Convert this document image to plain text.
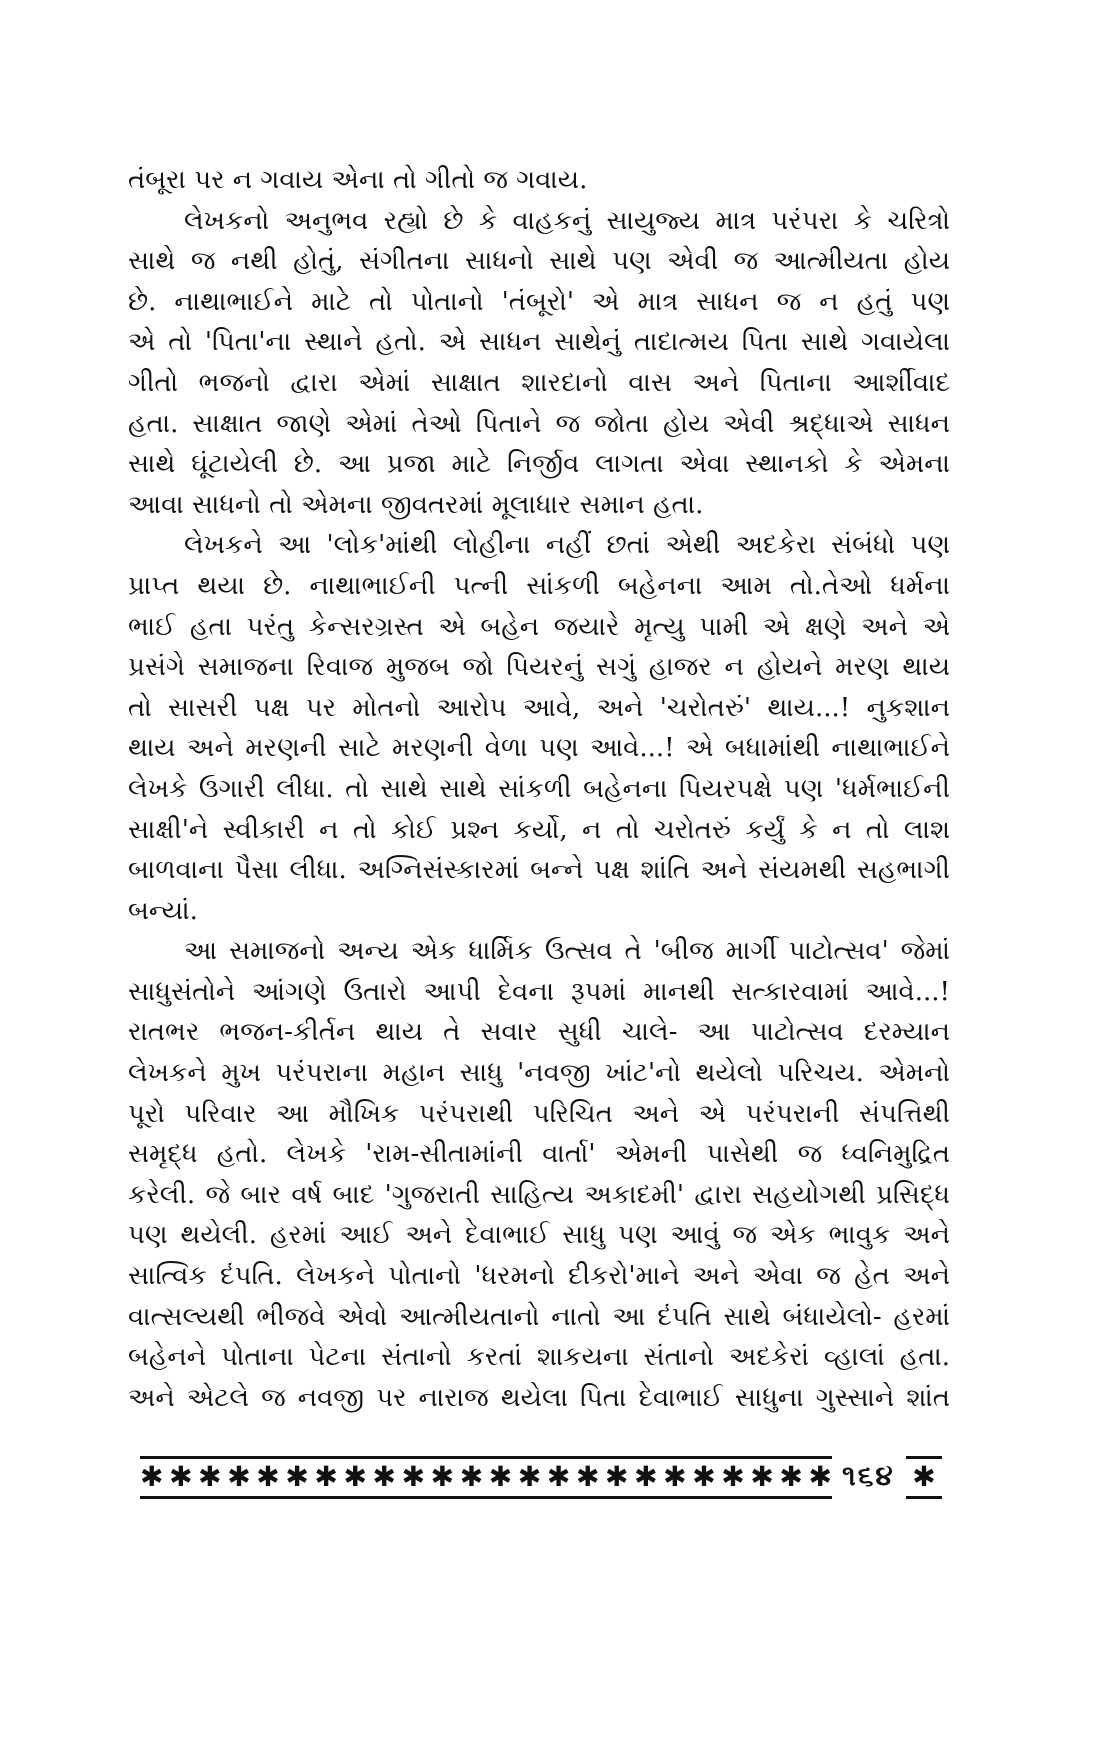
તંબૂરા પર ન ગવાય એના તો ગીતો જ ગવાય.
લેખકનો અનુભવ રહ્યો છે કે વાહકનું સાયુજ્ય માત્ર પરંપરા કે ચરિત્રો
સાથે જ નથી હોતું, સંગીતના સાધનો સાથે પણ એવી જ આત્મીયતા હોય
છે. નાથાભાઈને માટે તો પોતાનો 'તંબૂરો' એ માત્ર સાધન જ ન હતું પણ
એ તો 'પિતા'ના સ્થાને હતો. એ સાધન સાથેનું તાદાત્મય પિતા સાથે ગવાયેલા
ગીતો ભજનો દ્વારા એમાં સાક્ષાત શારદાનો વાસ અને પિતાના આર્શીવાદ
હતા. સાક્ષાત જાણે એમાં તેઓ પિતાને જ જોતા હોય એવી શ્રદ્ધાએ સાધન
સાથે ઘૂંટાયેલી છે. આ પ્રજા માટે નિર્જીવ લાગતા એવા સ્થાનકો કે એમના
આવા સાધનો તો એમના જીવતરમાં મૂલાધાર સમાન હતા.
લેખકને આ 'લોક'માંથી લોહીના નહીં છતાં એથી અદકેરા સંબંધો પણ
પ્રાપ્ત થયા છે. નાથાભાઈની પત્ની સાંકળી બહેનના આમ તો.તેઓ ધર્મના
ભાઈ હતા પરંતુ કેન્સરગ્રસ્ત એ બહેન જયારે મૃત્યુ પામી એ ક્ષણે અને એ
પ્રસંગે સમાજના રિવાજ મુજબ જો પિયરનું સગું હાજર ન હોયને મરણ થાય
તો સાસરી પક્ષ પર મોતનો આરોપ આવે, અને 'ચરોતરું' થાય...! નુકશાન
થાય અને મરણની સાટે મરણની વેળા પણ આવે...! એ બધામાંથી નાથાભાઈને
લેખકે ઉગારી લીધા. તો સાથે સાથે સાંકળી બહેનના પિયરપક્ષે પણ 'ધર્મભાઈની
સાક્ષી'ને સ્વીકારી ન તો કોઈ પ્રશ્ન કર્યો, ન તો ચરોતરું કર્યું કે ન તો લાશ
બાળવાના પૈસા લીધા. અગ્નિસંસ્કારમાં બન્ને પક્ષ શાંતિ અને સંયમથી સહભાગી
બન્યાં.
આ સમાજનો અન્ય એક ધાર્મિક ઉત્સવ તે 'બીજ માર્ગી પાટોત્સવ' જેમાં
સાધુસંતોને આંગણે ઉતારો આપી દેવના રૂપમાં માનથી સત્કારવામાં આવે...!
રાતભર ભજન-કીર્તન થાય તે સવાર સુધી ચાલે- આ પાટોત્સવ દરમ્યાન
લેખકને મુખ પરંપરાના મહાન સાધુ 'નવજી ખાંટ'નો થયેલો પરિચય. એમનો
પૂરો પરિવાર આ મૌખિક પરંપરાથી પરિચિત અને એ પરંપરાની સંપત્તિથી
સમૃદ્ધ હતો. લેખકે 'રામ-સીતામાંની વાર્તા' એમની પાસેથી જ ધ્વનિમુદ્રિત
કરેલી. જે બાર વર્ષ બાદ 'ગુજરાતી સાહિત્ય અકાદમી' દ્વારા સહયોગથી પ્રસિદ્ધ
પણ થયેલી. હરમાં આઈ અને દેવાભાઈ સાધુ પણ આવું જ એક ભાવુક અને
સાત્વિક દંપતિ. લેખકને પોતાનો 'ધરમનો દીકરો'માને અને એવા જ હેત અને
વાત્સલ્યથી ભીજવે એવો આત્મીયતાનો નાતો આ દંપતિ સાથે બંધાયેલો- હરમાં
બહેનને પોતાના પેટના સંતાનો કરતાં શાકયના સંતાનો અદકેરાં વ્હાલાં હતા.
અને એટલે જ નવજી પર નારાજ થયેલા પિતા દેવાભાઈ સાધુના ગુસ્સાને શાંત
✱ ✱ ✱ ✱ ✱ ✱ ✱ ✱ ✱ ✱ ✱ ✱ ✱ ✱ ✱ ✱ ✱ ✱ ✱ ✱ ✱ ✱ ✱ ✱ ૧૬૪ ✱
